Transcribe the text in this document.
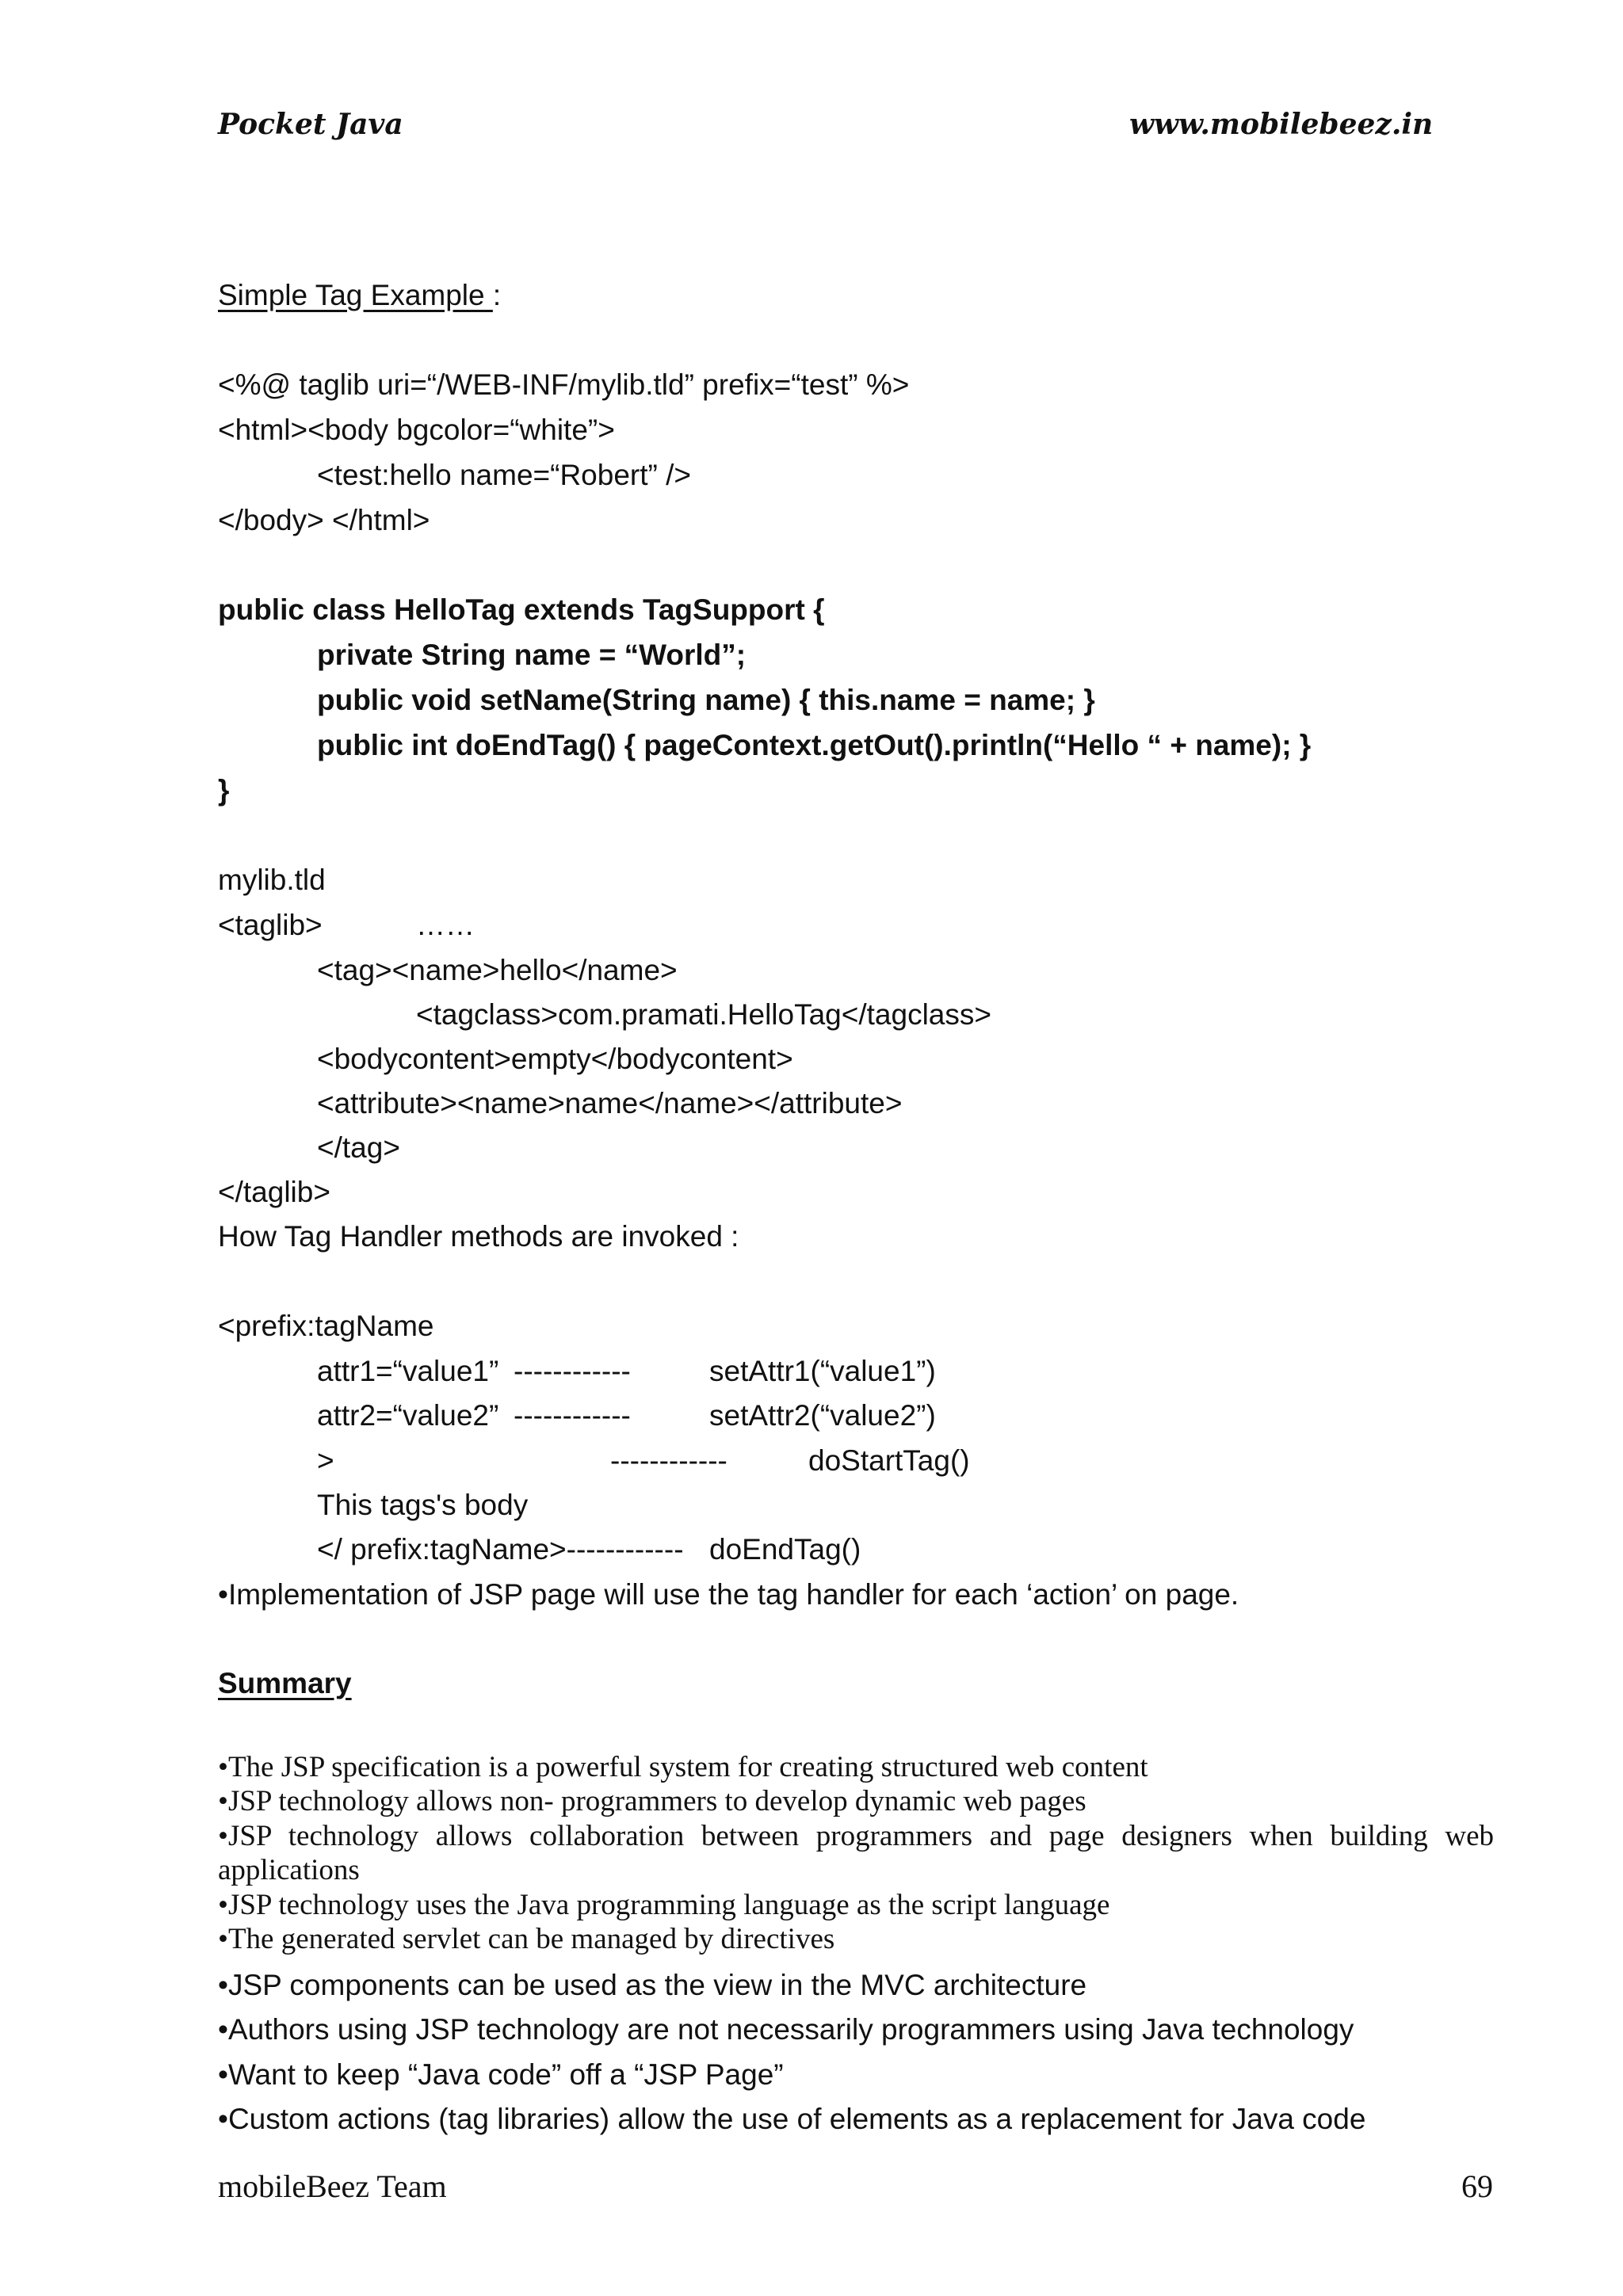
Pocket Java	www.mobilebeez.in
Simple Tag Example :
<%@ taglib uri=“/WEB-INF/mylib.tld” prefix=“test” %>
<html><body bgcolor=“white”>
<test:hello name=“Robert” />
</body> </html>
public class HelloTag extends TagSupport {
private String name = “World”;
public void setName(String name) { this.name = name; }
public int doEndTag() { pageContext.getOut().println(“Hello “ + name); }
}
mylib.tld
<taglib>	……
<tag><name>hello</name>
<tagclass>com.pramati.HelloTag</tagclass>
<bodycontent>empty</bodycontent>
<attribute><name>name</name></attribute>
</tag>
</taglib>
How Tag Handler methods are invoked :
<prefix:tagName
attr1=“value1” ------------	setAttr1(“value1”)
attr2=“value2” ------------	setAttr2(“value2”)
>	------------	doStartTag()
This tags's body
</ prefix:tagName>------------ doEndTag()
•Implementation of JSP page will use the tag handler for each ‘action’ on page.
Summary
•The JSP specification is a powerful system for creating structured web content
•JSP technology allows non- programmers to develop dynamic web pages
•JSP technology allows collaboration between programmers and page designers when building web
applications
•JSP technology uses the Java programming language as the script language
•The generated servlet can be managed by directives
•JSP components can be used as the view in the MVC architecture
•Authors using JSP technology are not necessarily programmers using Java technology
•Want to keep “Java code” off a “JSP Page”
•Custom actions (tag libraries) allow the use of elements as a replacement for Java code
mobileBeez Team	69
